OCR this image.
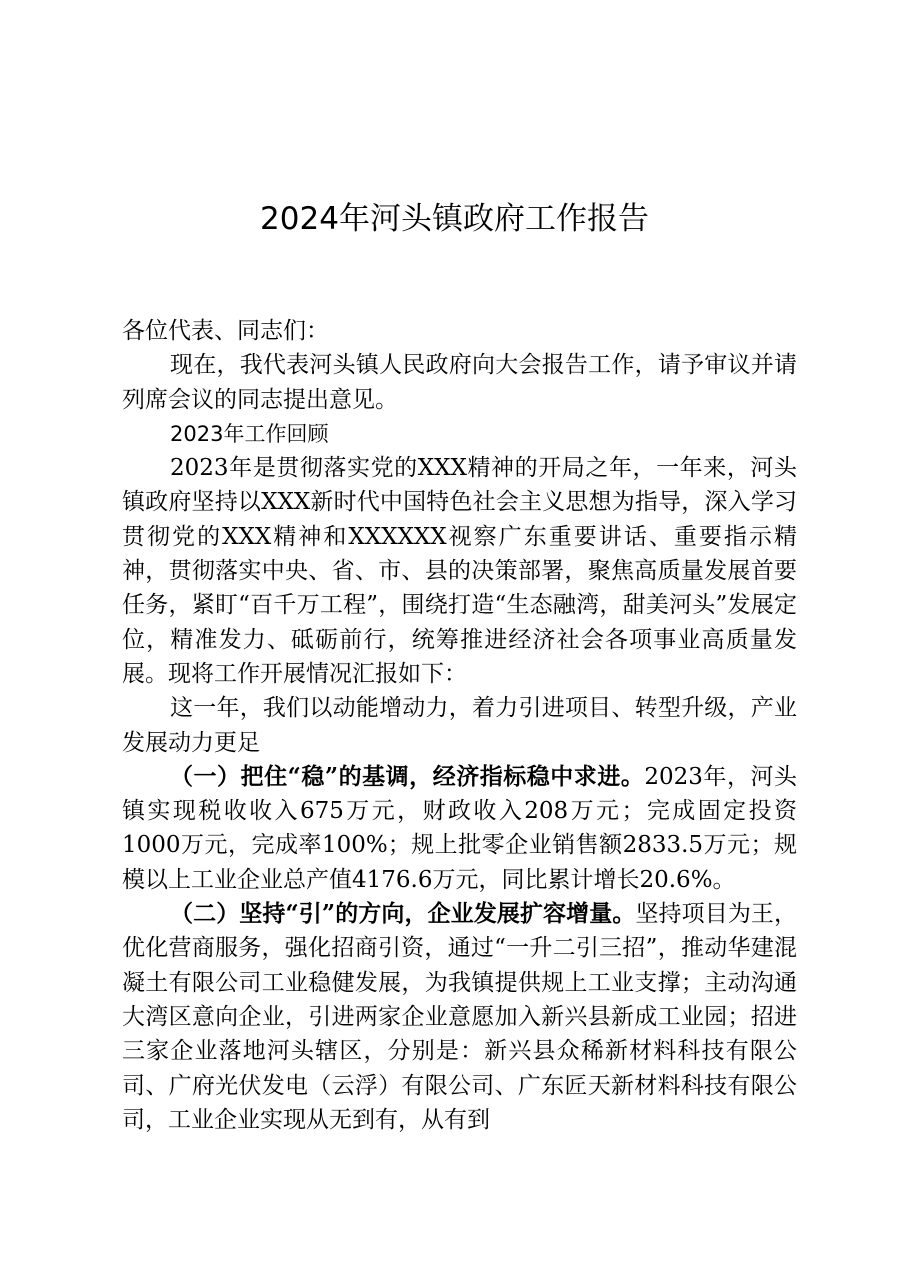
2024年河头镇政府工作报告

各位代表、同志们：

现在，我代表河头镇人民政府向大会报告工作，请予审议并请列席会议的同志提出意见。

2023年工作回顾

2023年是贯彻落实党的XXX精神的开局之年，一年来，河头镇政府坚持以XXX新时代中国特色社会主义思想为指导，深入学习贯彻党的XXX精神和XXXXXX视察广东重要讲话、重要指示精神，贯彻落实中央、省、市、县的决策部署，聚焦高质量发展首要任务，紧盯“百千万工程”，围绕打造“生态融湾，甜美河头”发展定位，精准发力、砥砺前行，统筹推进经济社会各项事业高质量发展。现将工作开展情况汇报如下：

这一年，我们以动能增动力，着力引进项目、转型升级，产业发展动力更足

（一）把住“稳”的基调，经济指标稳中求进。2023年，河头镇实现税收收入675万元，财政收入208万元；完成固定投资1000万元，完成率100%；规上批零企业销售额2833.5万元；规模以上工业企业总产值4176.6万元，同比累计增长20.6%。

（二）坚持“引”的方向，企业发展扩容增量。坚持项目为王，优化营商服务，强化招商引资，通过“一升二引三招”，推动华建混凝土有限公司工业稳健发展，为我镇提供规上工业支撑；主动沟通大湾区意向企业，引进两家企业意愿加入新兴县新成工业园；招进三家企业落地河头辖区，分别是：新兴县众稀新材料科技有限公司、广府光伏发电（云浮）有限公司、广东匠天新材料科技有限公司，工业企业实现从无到有，从有到
